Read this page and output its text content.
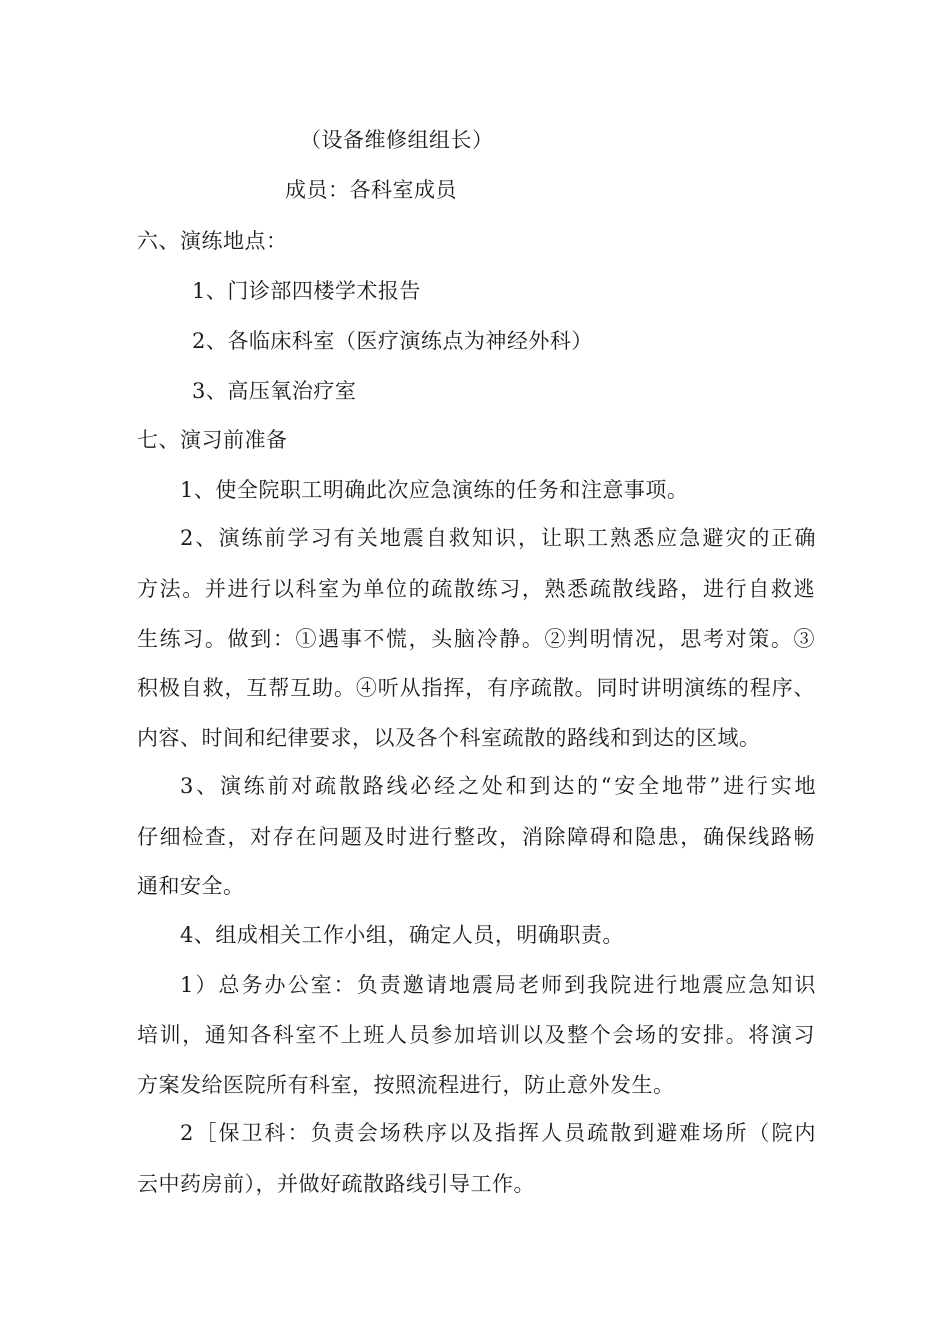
（设备维修组组长）
成员：各科室成员
六、演练地点：
1、门诊部四楼学术报告
2、各临床科室（医疗演练点为神经外科）
3、高压氧治疗室
七、演习前准备
1、使全院职工明确此次应急演练的任务和注意事项。
2、演练前学习有关地震自救知识，让职工熟悉应急避灾的正确
方法。并进行以科室为单位的疏散练习，熟悉疏散线路，进行自救逃
生练习。做到：①遇事不慌，头脑冷静。②判明情况，思考对策。③
积极自救，互帮互助。④听从指挥，有序疏散。同时讲明演练的程序、
内容、时间和纪律要求，以及各个科室疏散的路线和到达的区域。
3、演练前对疏散路线必经之处和到达的“安全地带”进行实地
仔细检查，对存在问题及时进行整改，消除障碍和隐患，确保线路畅
通和安全。
4、组成相关工作小组，确定人员，明确职责。
1）总务办公室：负责邀请地震局老师到我院进行地震应急知识
培训，通知各科室不上班人员参加培训以及整个会场的安排。将演习
方案发给医院所有科室，按照流程进行，防止意外发生。
2［保卫科：负责会场秩序以及指挥人员疏散到避难场所（院内
云中药房前），并做好疏散路线引导工作。
